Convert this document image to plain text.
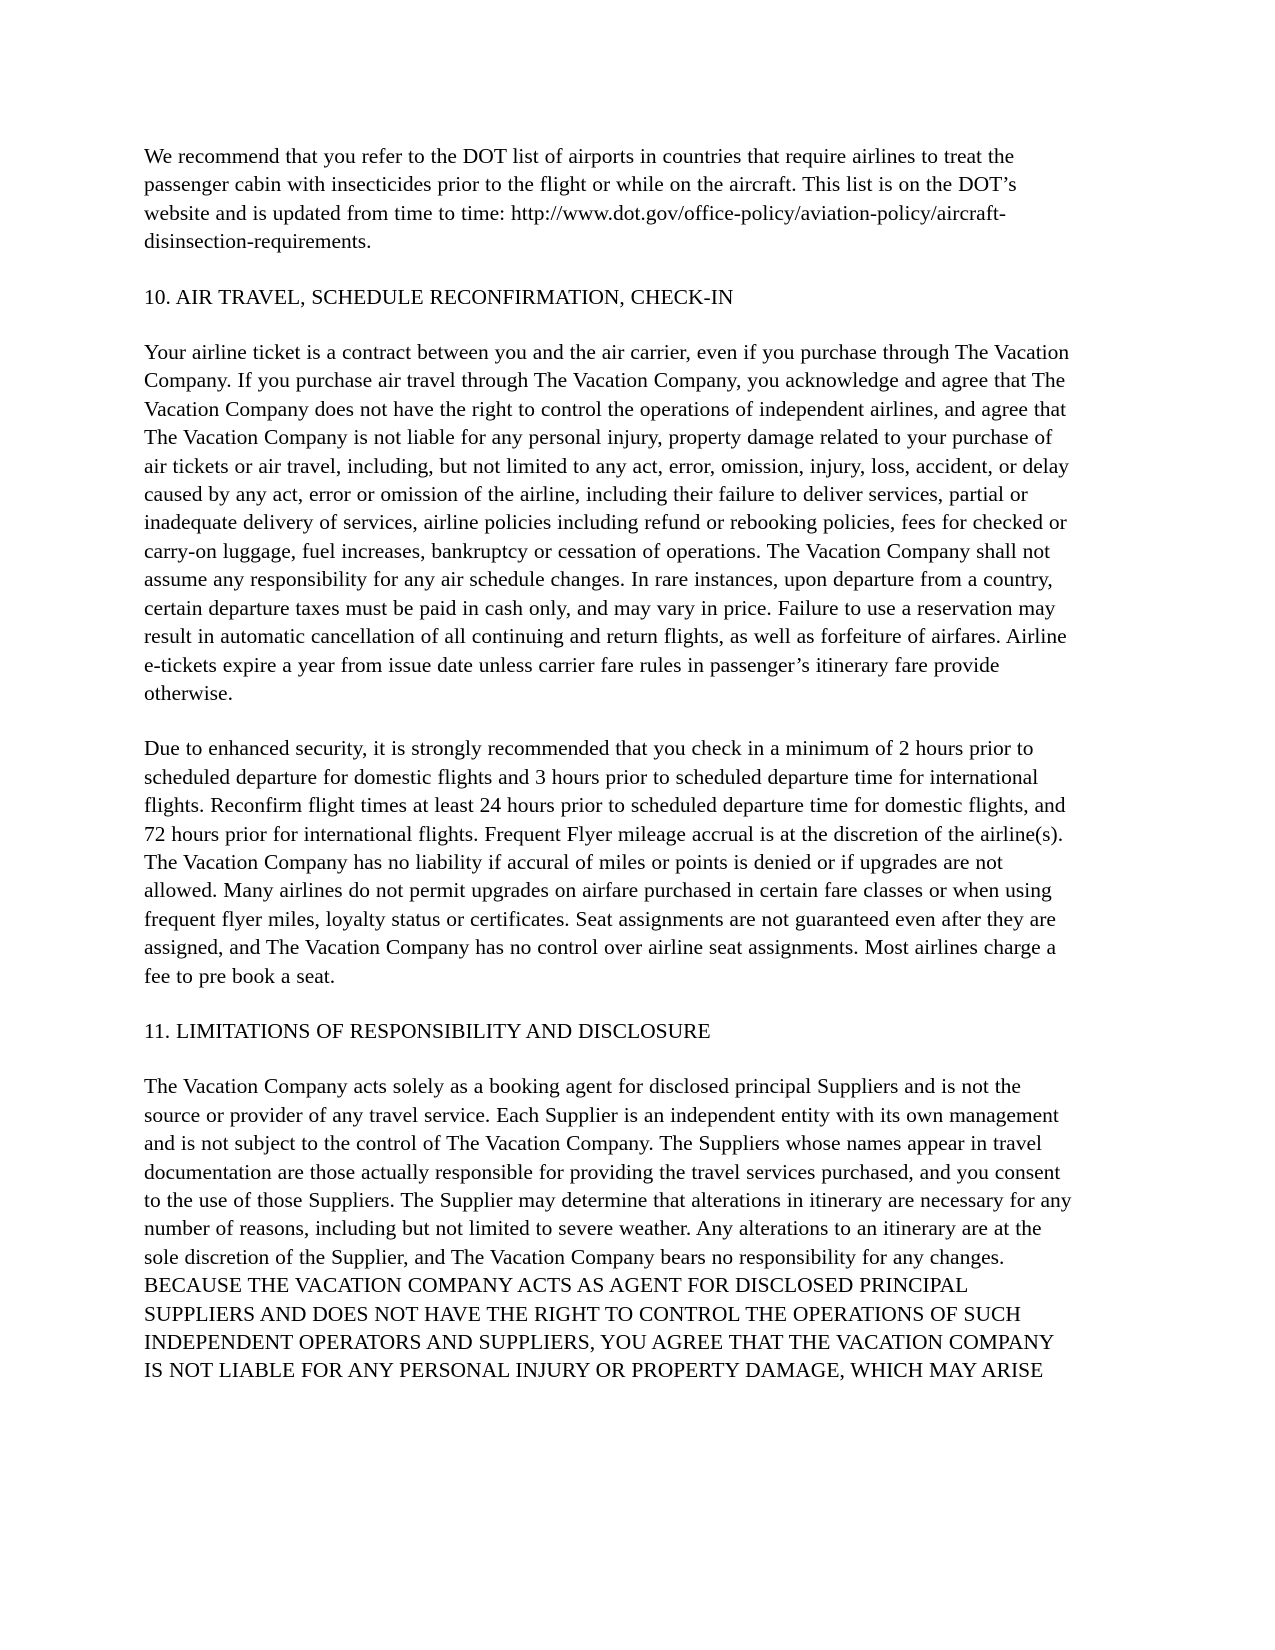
We recommend that you refer to the DOT list of airports in countries that require airlines to treat the passenger cabin with insecticides prior to the flight or while on the aircraft. This list is on the DOT’s website and is updated from time to time: http://www.dot.gov/office-policy/aviation-policy/aircraft-disinsection-requirements.

10. AIR TRAVEL, SCHEDULE RECONFIRMATION, CHECK-IN

Your airline ticket is a contract between you and the air carrier, even if you purchase through The Vacation Company. If you purchase air travel through The Vacation Company, you acknowledge and agree that The Vacation Company does not have the right to control the operations of independent airlines, and agree that The Vacation Company is not liable for any personal injury, property damage related to your purchase of air tickets or air travel, including, but not limited to any act, error, omission, injury, loss, accident, or delay caused by any act, error or omission of the airline, including their failure to deliver services, partial or inadequate delivery of services, airline policies including refund or rebooking policies, fees for checked or carry-on luggage, fuel increases, bankruptcy or cessation of operations. The Vacation Company shall not assume any responsibility for any air schedule changes. In rare instances, upon departure from a country, certain departure taxes must be paid in cash only, and may vary in price. Failure to use a reservation may result in automatic cancellation of all continuing and return flights, as well as forfeiture of airfares. Airline e-tickets expire a year from issue date unless carrier fare rules in passenger’s itinerary fare provide otherwise.

Due to enhanced security, it is strongly recommended that you check in a minimum of 2 hours prior to scheduled departure for domestic flights and 3 hours prior to scheduled departure time for international flights. Reconfirm flight times at least 24 hours prior to scheduled departure time for domestic flights, and 72 hours prior for international flights. Frequent Flyer mileage accrual is at the discretion of the airline(s). The Vacation Company has no liability if accural of miles or points is denied or if upgrades are not allowed. Many airlines do not permit upgrades on airfare purchased in certain fare classes or when using frequent flyer miles, loyalty status or certificates. Seat assignments are not guaranteed even after they are assigned, and The Vacation Company has no control over airline seat assignments. Most airlines charge a fee to pre book a seat.

11. LIMITATIONS OF RESPONSIBILITY AND DISCLOSURE

The Vacation Company acts solely as a booking agent for disclosed principal Suppliers and is not the source or provider of any travel service. Each Supplier is an independent entity with its own management and is not subject to the control of The Vacation Company. The Suppliers whose names appear in travel documentation are those actually responsible for providing the travel services purchased, and you consent to the use of those Suppliers. The Supplier may determine that alterations in itinerary are necessary for any number of reasons, including but not limited to severe weather. Any alterations to an itinerary are at the sole discretion of the Supplier, and The Vacation Company bears no responsibility for any changes. BECAUSE THE VACATION COMPANY ACTS AS AGENT FOR DISCLOSED PRINCIPAL SUPPLIERS AND DOES NOT HAVE THE RIGHT TO CONTROL THE OPERATIONS OF SUCH INDEPENDENT OPERATORS AND SUPPLIERS, YOU AGREE THAT THE VACATION COMPANY IS NOT LIABLE FOR ANY PERSONAL INJURY OR PROPERTY DAMAGE, WHICH MAY ARISE
